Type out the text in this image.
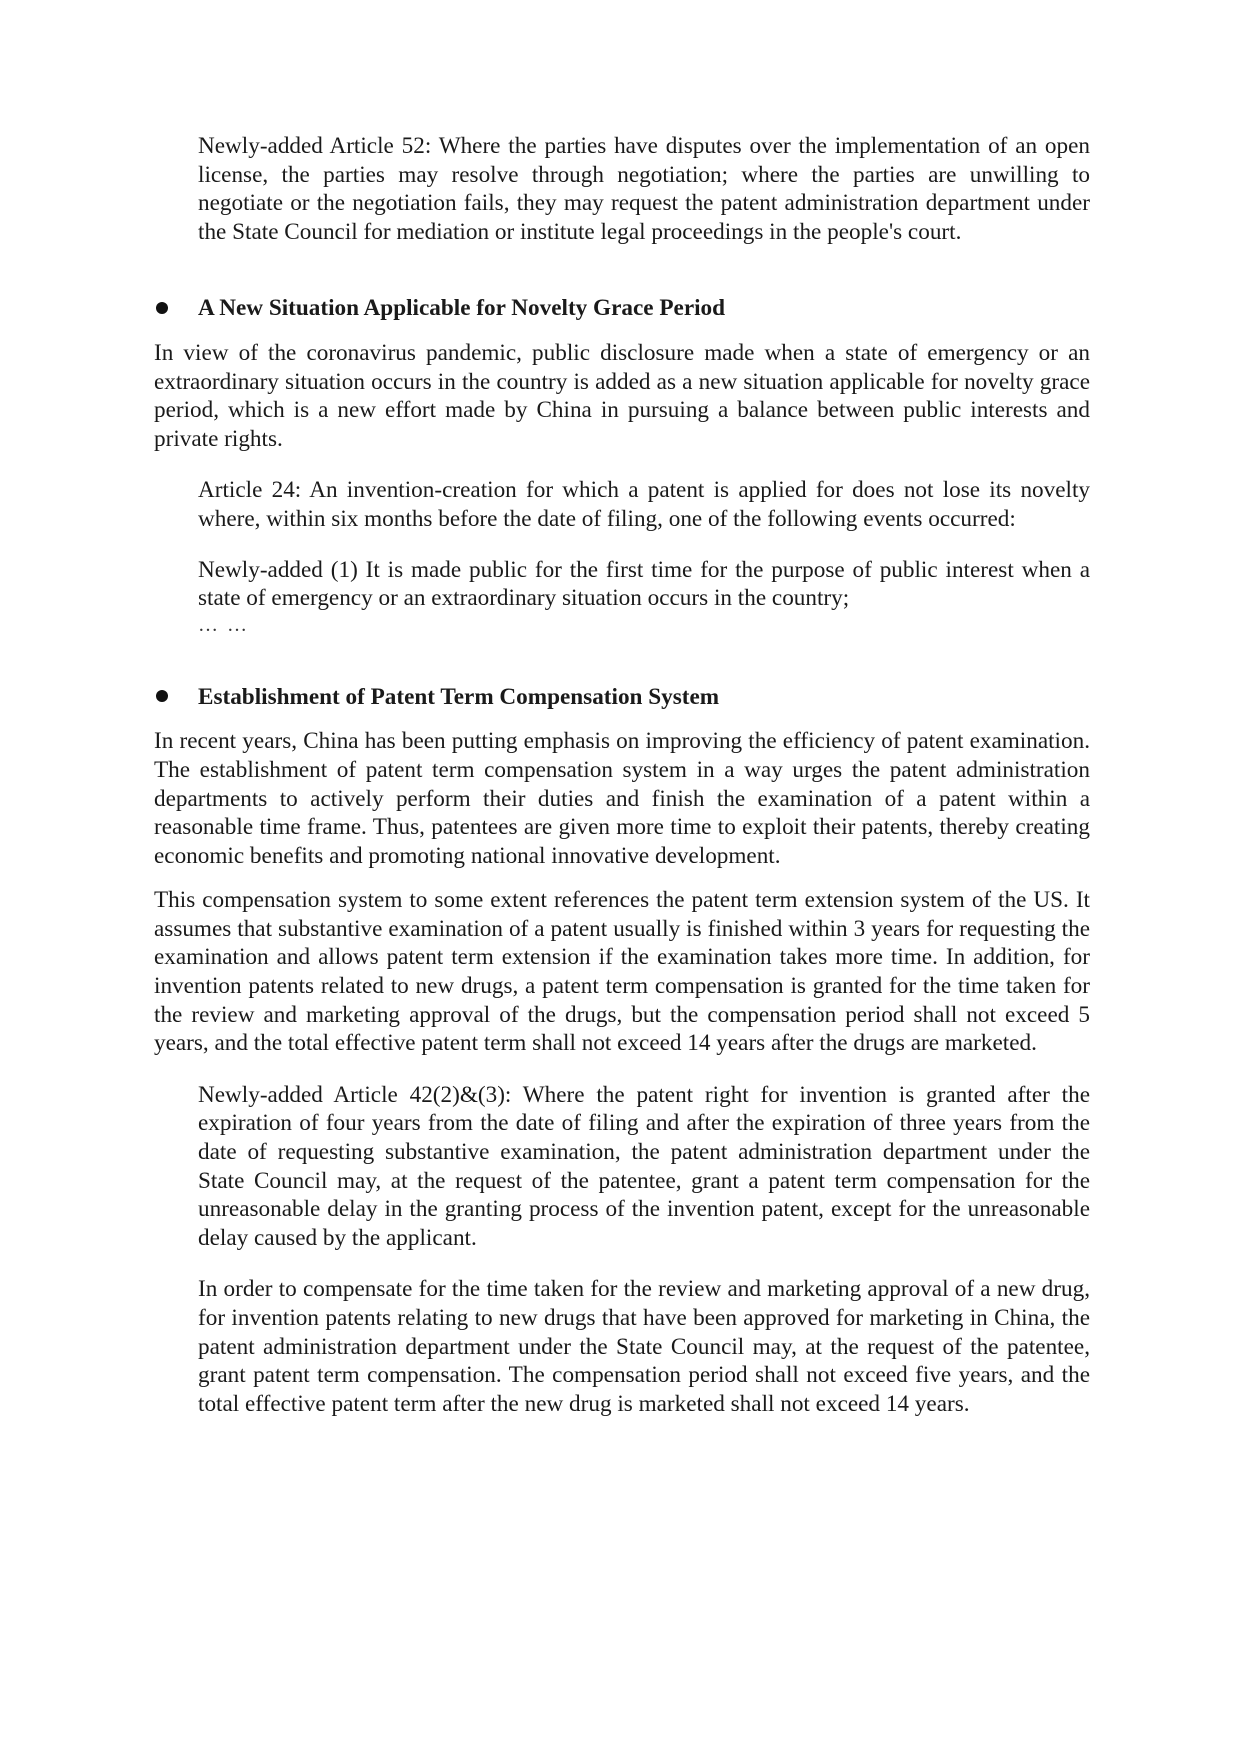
Newly-added Article 52: Where the parties have disputes over the implementation of an open license, the parties may resolve through negotiation; where the parties are unwilling to negotiate or the negotiation fails, they may request the patent administration department under the State Council for mediation or institute legal proceedings in the people's court.

A New Situation Applicable for Novelty Grace Period

In view of the coronavirus pandemic, public disclosure made when a state of emergency or an extraordinary situation occurs in the country is added as a new situation applicable for novelty grace period, which is a new effort made by China in pursuing a balance between public interests and private rights.

Article 24: An invention-creation for which a patent is applied for does not lose its novelty where, within six months before the date of filing, one of the following events occurred:

Newly-added (1) It is made public for the first time for the purpose of public interest when a state of emergency or an extraordinary situation occurs in the country;

… …
Establishment of Patent Term Compensation System

In recent years, China has been putting emphasis on improving the efficiency of patent examination. The establishment of patent term compensation system in a way urges the patent administration departments to actively perform their duties and finish the examination of a patent within a reasonable time frame. Thus, patentees are given more time to exploit their patents, thereby creating economic benefits and promoting national innovative development.

This compensation system to some extent references the patent term extension system of the US. It assumes that substantive examination of a patent usually is finished within 3 years for requesting the examination and allows patent term extension if the examination takes more time. In addition, for invention patents related to new drugs, a patent term compensation is granted for the time taken for the review and marketing approval of the drugs, but the compensation period shall not exceed 5 years, and the total effective patent term shall not exceed 14 years after the drugs are marketed.

Newly-added Article 42(2)&(3): Where the patent right for invention is granted after the expiration of four years from the date of filing and after the expiration of three years from the date of requesting substantive examination, the patent administration department under the State Council may, at the request of the patentee, grant a patent term compensation for the unreasonable delay in the granting process of the invention patent, except for the unreasonable delay caused by the applicant.

In order to compensate for the time taken for the review and marketing approval of a new drug, for invention patents relating to new drugs that have been approved for marketing in China, the patent administration department under the State Council may, at the request of the patentee, grant patent term compensation. The compensation period shall not exceed five years, and the total effective patent term after the new drug is marketed shall not exceed 14 years.
